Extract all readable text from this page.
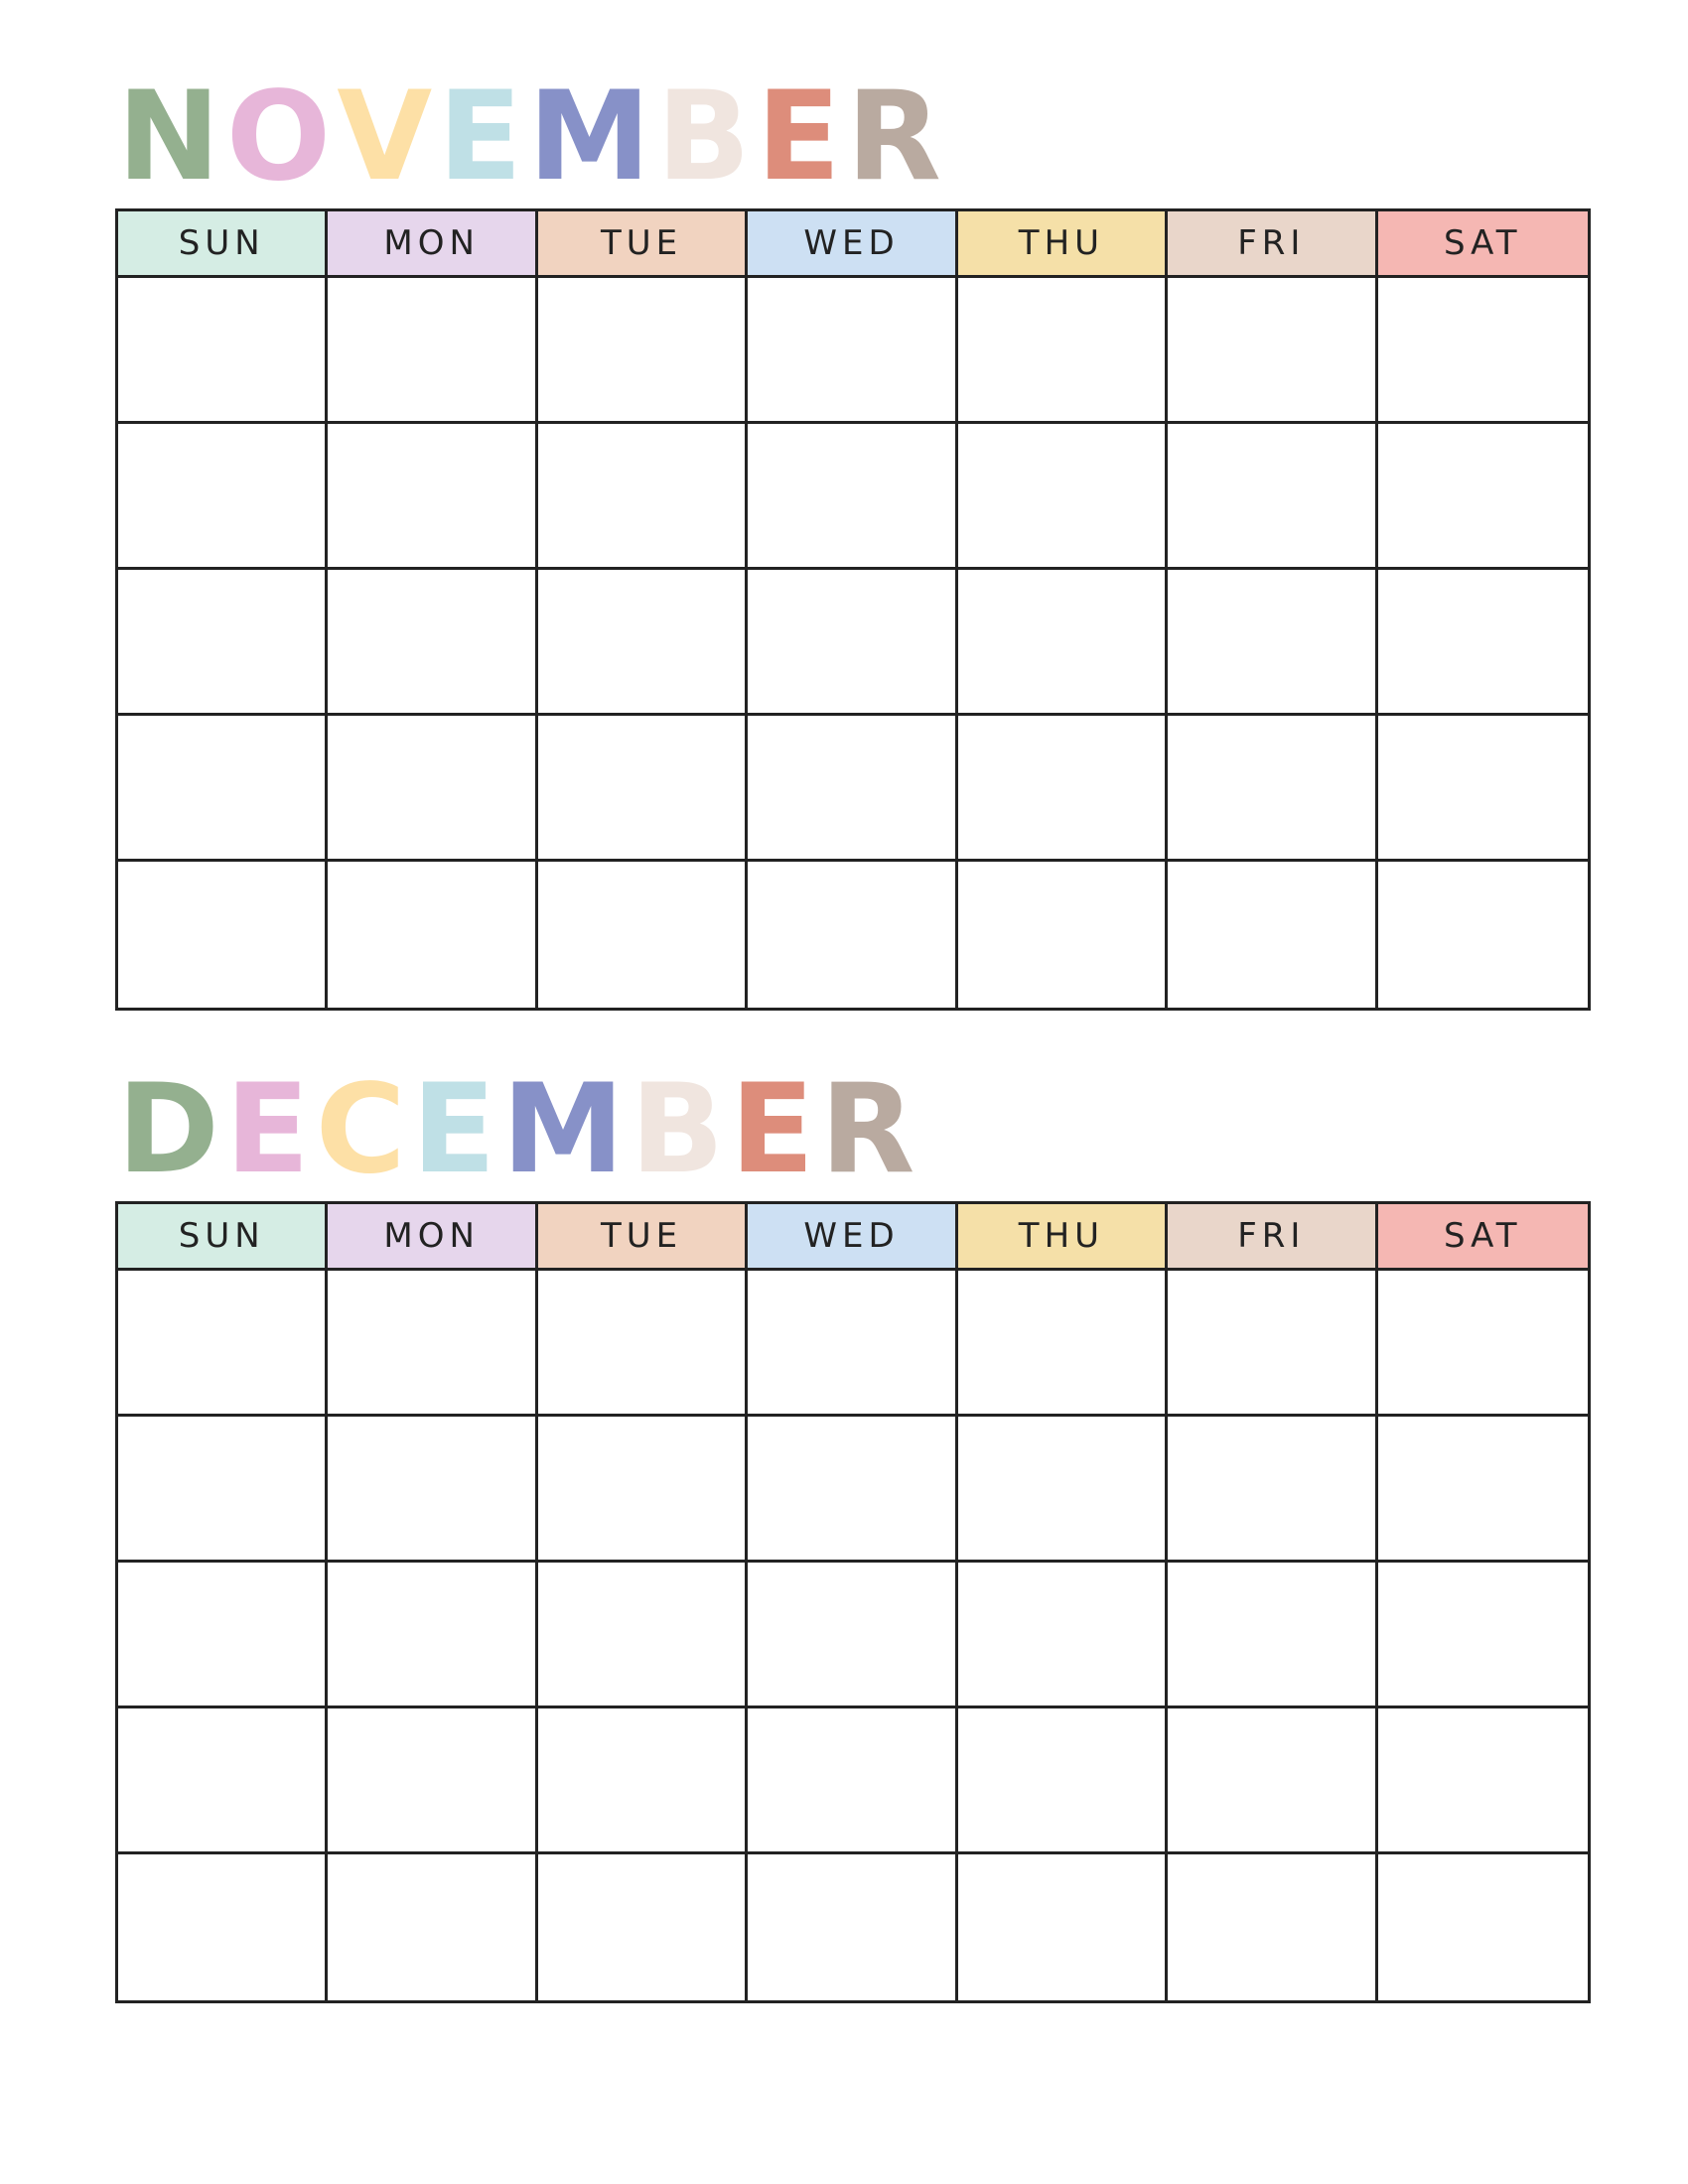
N O V E M B E R
SUN	MON	TUE	WED	THU	FRI	SAT
D E C E M B E R
SUN	MON	TUE	WED	THU	FRI	SAT
